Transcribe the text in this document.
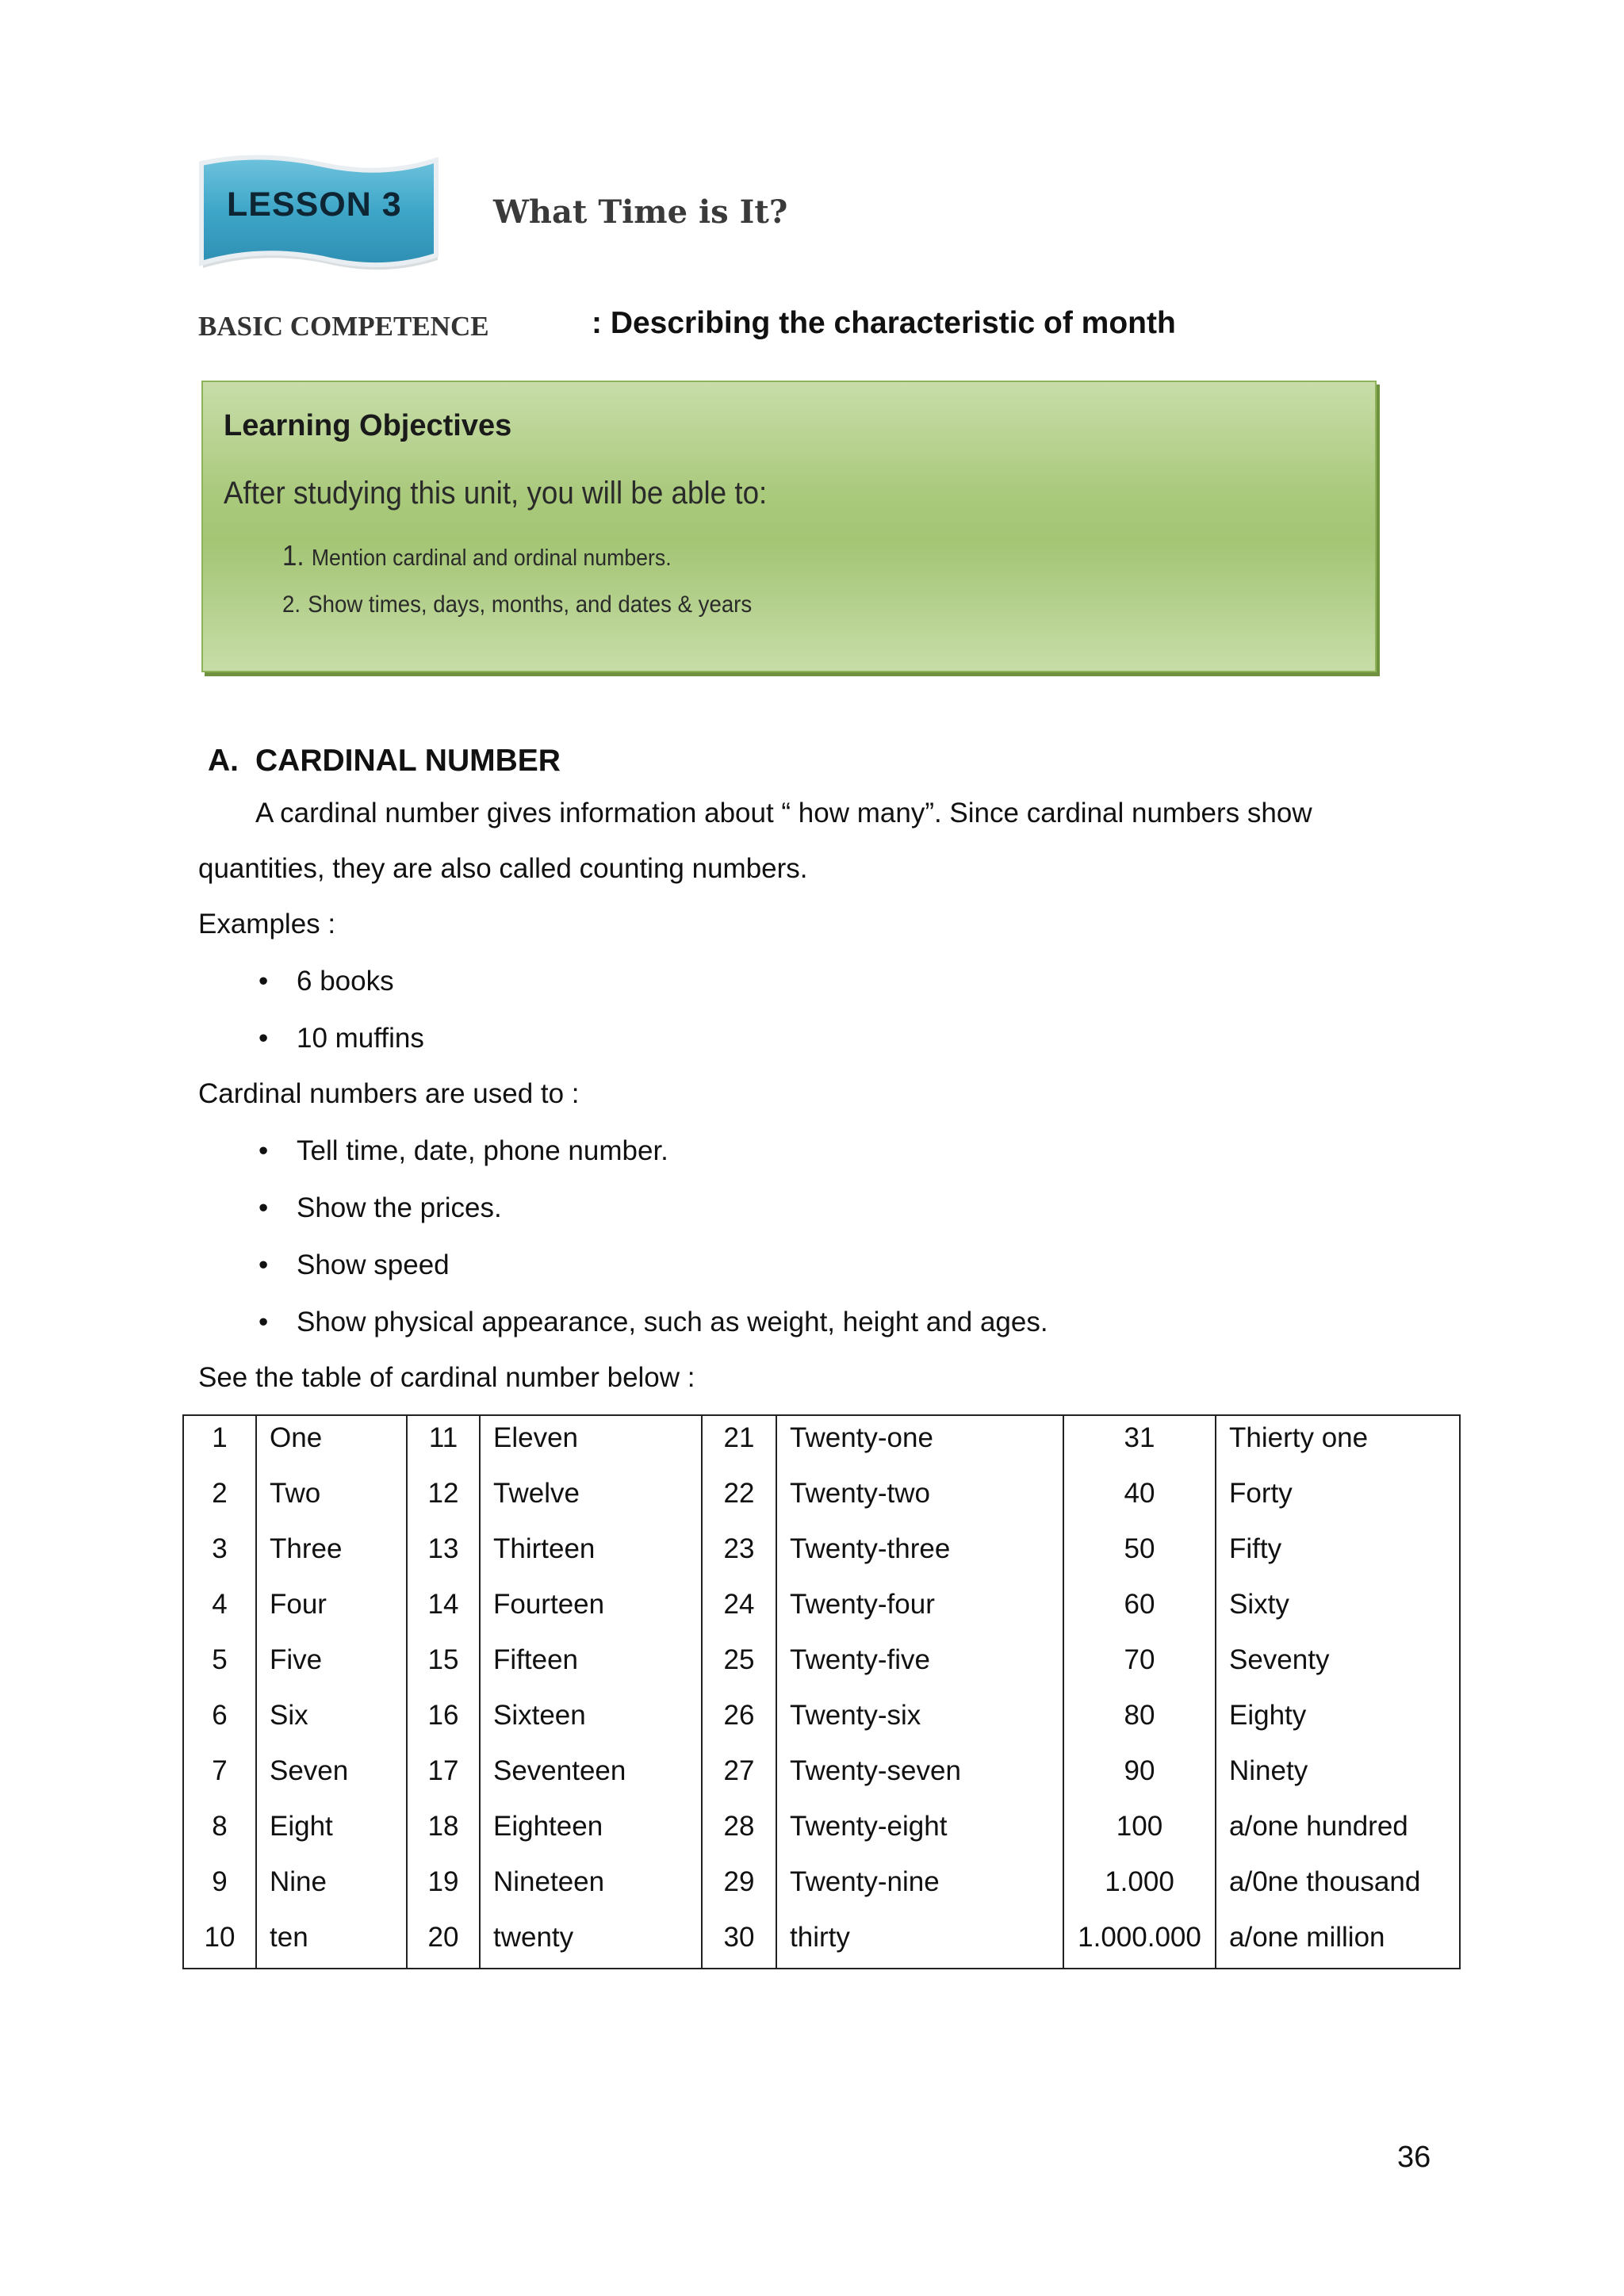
LESSON 3	What Time is It?
BASIC COMPETENCE	: Describing the characteristic of month
Learning Objectives
After studying this unit, you will be able to:
1. Mention cardinal and ordinal numbers.
2. Show times, days, months, and dates & years
A. CARDINAL NUMBER
A cardinal number gives information about “ how many”. Since cardinal numbers show
quantities, they are also called counting numbers.
Examples :
• 6 books
• 10 muffins
Cardinal numbers are used to :
• Tell time, date, phone number.
• Show the prices.
• Show speed
• Show physical appearance, such as weight, height and ages.
See the table of cardinal number below :
1
2
3
4
5
6
7
8
9
10
One
Two
Three
Four
Five
Six
Seven
Eight
Nine
ten
11
12
13
14
15
16
17
18
19
20
Eleven
Twelve
Thirteen
Fourteen
Fifteen
Sixteen
Seventeen
Eighteen
Nineteen
twenty
21
22
23
24
25
26
27
28
29
30
Twenty-one
Twenty-two
Twenty-three
Twenty-four
Twenty-five
Twenty-six
Twenty-seven
Twenty-eight
Twenty-nine
thirty
31
40
50
60
70
80
90
100
1.000
1.000.000
Thierty one
Forty
Fifty
Sixty
Seventy
Eighty
Ninety
a/one hundred
a/0ne thousand
a/one million
36
